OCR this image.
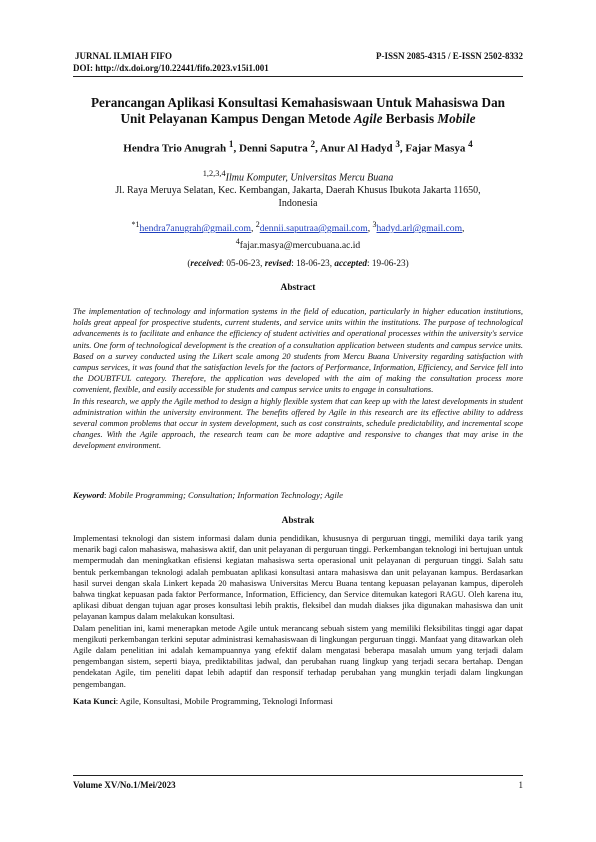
JURNAL ILMIAH FIFO	P-ISSN 2085-4315 / E-ISSN 2502-8332
DOI: http://dx.doi.org/10.22441/fifo.2023.v15i1.001
Perancangan Aplikasi Konsultasi Kemahasiswaan Untuk Mahasiswa Dan
Unit Pelayanan Kampus Dengan Metode Agile Berbasis Mobile
Hendra Trio Anugrah $^1$, Denni Saputra $^2$, Anur Al Hadyd $^3$, Fajar Masya $^4$
$^{1,2,3,4}$Ilmu Komputer, Universitas Mercu Buana
Jl. Raya Meruya Selatan, Kec. Kembangan, Jakarta, Daerah Khusus Ibukota Jakarta 11650,
Indonesia
$^{*1}$hendra7anugrah@gmail.com, $^2$dennii.saputraa@gmail.com, $^3$hadyd.arl@gmail.com,
$^4$fajar.masya@mercubuana.ac.id
(received: 05-06-23, revised: 18-06-23, accepted: 19-06-23)
Abstract

The implementation of technology and information systems in the field of education, particularly in higher education institutions, holds great appeal for prospective students, current students, and service units within the institutions. The purpose of technological advancements is to facilitate and enhance the efficiency of student activities and operational processes within the university's service units. One form of technological development is the creation of a consultation application between students and campus service units. Based on a survey conducted using the Likert scale among 20 students from Mercu Buana University regarding satisfaction with campus services, it was found that the satisfaction levels for the factors of Performance, Information, Efficiency, and Service fell into the DOUBTFUL category. Therefore, the application was developed with the aim of making the consultation process more convenient, flexible, and easily accessible for students and campus service units to engage in consultations.

In this research, we apply the Agile method to design a highly flexible system that can keep up with the latest developments in student administration within the university environment. The benefits offered by Agile in this research are its effective ability to address several common problems that occur in system development, such as cost constraints, schedule predictability, and incremental scope changes. With the Agile approach, the research team can be more adaptive and responsive to changes that may arise in the development environment.

Keyword: Mobile Programming; Consultation; Information Technology; Agile
Abstrak

Implementasi teknologi dan sistem informasi dalam dunia pendidikan, khususnya di perguruan tinggi, memiliki daya tarik yang menarik bagi calon mahasiswa, mahasiswa aktif, dan unit pelayanan di perguruan tinggi. Perkembangan teknologi ini bertujuan untuk mempermudah dan meningkatkan efisiensi kegiatan mahasiswa serta operasional unit pelayanan di perguruan tinggi. Salah satu bentuk perkembangan teknologi adalah pembuatan aplikasi konsultasi antara mahasiswa dan unit pelayanan kampus. Berdasarkan hasil survei dengan skala Linkert kepada 20 mahasiswa Universitas Mercu Buana tentang kepuasan pelayanan kampus, diperoleh bahwa tingkat kepuasan pada faktor Performance, Information, Efficiency, dan Service ditemukan kategori RAGU. Oleh karena itu, aplikasi dibuat dengan tujuan agar proses konsultasi lebih praktis, fleksibel dan mudah diakses jika digunakan mahasiswa dan unit pelayanan kampus dalam melakukan konsultasi.

Dalam penelitian ini, kami menerapkan metode Agile untuk merancang sebuah sistem yang memiliki fleksibilitas tinggi agar dapat mengikuti perkembangan terkini seputar administrasi kemahasiswaan di lingkungan perguruan tinggi. Manfaat yang ditawarkan oleh Agile dalam penelitian ini adalah kemampuannya yang efektif dalam mengatasi beberapa masalah umum yang terjadi dalam pengembangan sistem, seperti biaya, prediktabilitas jadwal, dan perubahan ruang lingkup yang terjadi secara bertahap. Dengan pendekatan Agile, tim peneliti dapat lebih adaptif dan responsif terhadap perubahan yang mungkin terjadi dalam lingkungan pengembangan.

Kata Kunci: Agile, Konsultasi, Mobile Programming, Teknologi Informasi
Volume XV/No.1/Mei/2023	1
